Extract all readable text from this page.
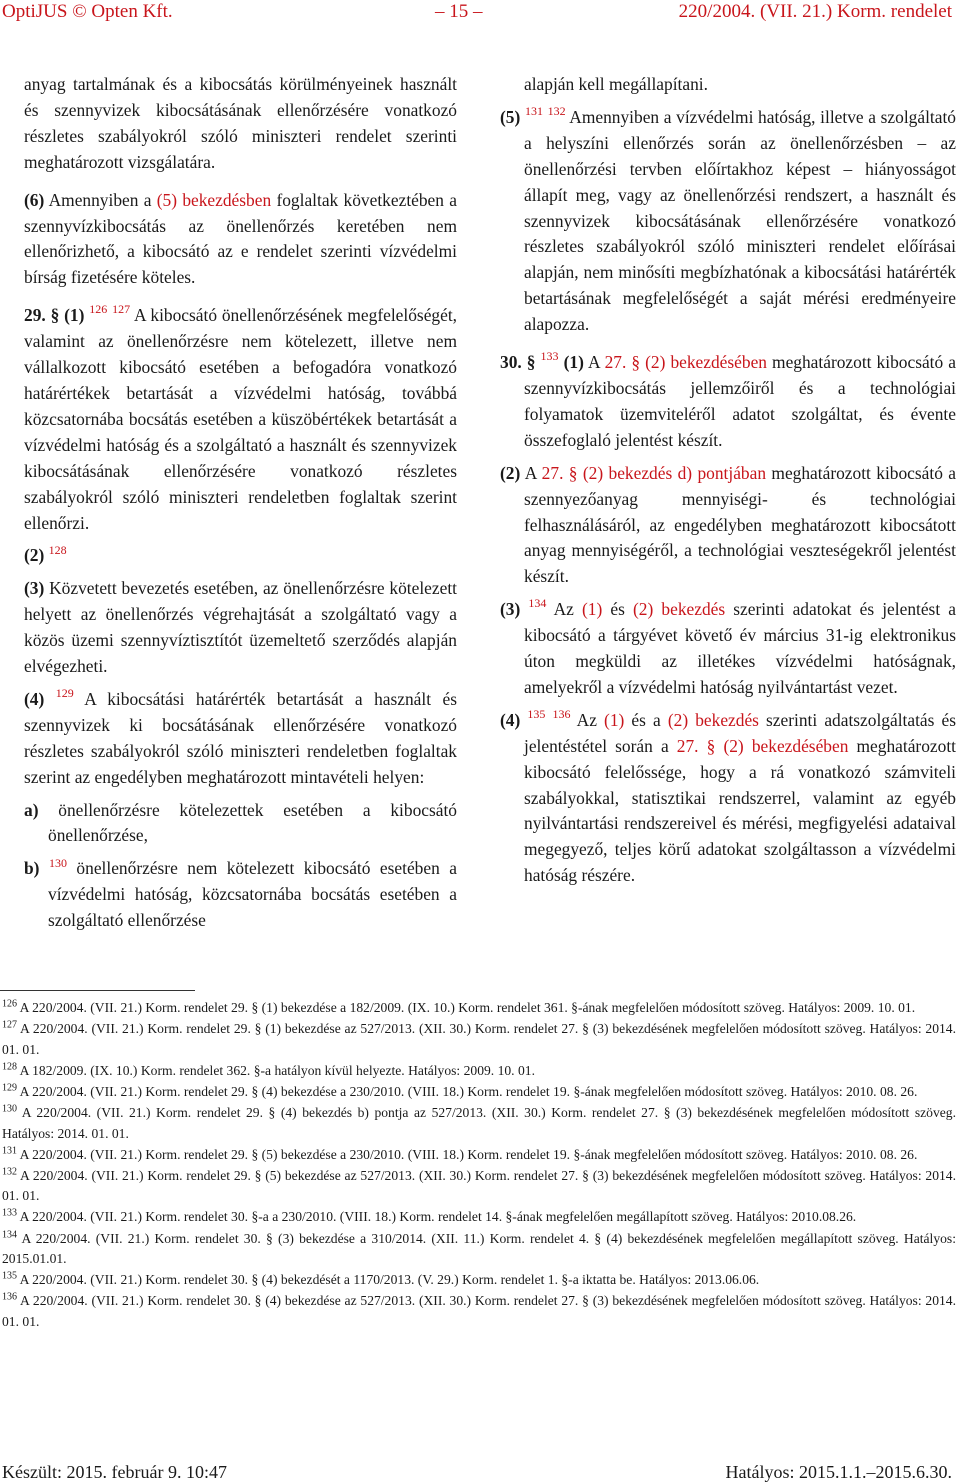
OptiJUS © Opten Kft.	– 15 –	220/2004. (VII. 21.) Korm. rendelet

anyag tartalmának és a kibocsátás körülményeinek használt és szennyvizek kibocsátásának ellenőrzésére vonatkozó részletes szabályokról szóló miniszteri rendelet szerinti meghatározott vizsgálatára.

(6) Amennyiben a (5) bekezdésben foglaltak következtében a szennyvízkibocsátás az önellenőrzés keretében nem ellenőrizhető, a kibocsátó az e rendelet szerinti vízvédelmi bírság fizetésére köteles.

29. § (1) $^{126}$ $^{127}$ A kibocsátó önellenőrzésének megfelelőségét, valamint az önellenőrzésre nem kötelezett, illetve nem vállalkozott kibocsátó esetében a befogadóra vonatkozó határértékek betartását a vízvédelmi hatóság, továbbá közcsatornába bocsátás esetében a küszöbértékek betartását a vízvédelmi hatóság és a szolgáltató a használt és szennyvizek kibocsátásának ellenőrzésére vonatkozó részletes szabályokról szóló miniszteri rendeletben foglaltak szerint ellenőrzi.

(2) $^{128}$

(3) Közvetett bevezetés esetében, az önellenőrzésre kötelezett helyett az önellenőrzés végrehajtását a szolgáltató vagy a közös üzemi szennyvíztisztítót üzemeltető szerződés alapján elvégezheti.

(4) $^{129}$ A kibocsátási határérték betartását a használt és szennyvizek ki bocsátásának ellenőrzésére vonatkozó részletes szabályokról szóló miniszteri rendeletben foglaltak szerint az engedélyben meghatározott mintavételi helyen:

a) önellenőrzésre kötelezettek esetében a kibocsátó önellenőrzése,

b) $^{130}$ önellenőrzésre nem kötelezett kibocsátó esetében a vízvédelmi hatóság, közcsatornába bocsátás esetében a szolgáltató ellenőrzése

alapján kell megállapítani.

(5) $^{131}$ $^{132}$ Amennyiben a vízvédelmi hatóság, illetve a szolgáltató a helyszíni ellenőrzés során az önellenőrzésben – az önellenőrzési tervben előírtakhoz képest – hiányosságot állapít meg, vagy az önellenőrzési rendszert, a használt és szennyvizek kibocsátásának ellenőrzésére vonatkozó részletes szabályokról szóló miniszteri rendelet előírásai alapján, nem minősíti megbízhatónak a kibocsátási határérték betartásának megfelelőségét a saját mérési eredményeire alapozza.

30. § $^{133}$ (1) A 27. § (2) bekezdésében meghatározott kibocsátó a szennyvízkibocsátás jellemzőiről és a technológiai folyamatok üzemviteléről adatot szolgáltat, és évente összefoglaló jelentést készít.

(2) A 27. § (2) bekezdés d) pontjában meghatározott kibocsátó a szennyezőanyag mennyiségi- és technológiai felhasználásáról, az engedélyben meghatározott kibocsátott anyag mennyiségéről, a technológiai veszteségekről jelentést készít.

(3) $^{134}$ Az (1) és (2) bekezdés szerinti adatokat és jelentést a kibocsátó a tárgyévet követő év március 31-ig elektronikus úton megküldi az illetékes vízvédelmi hatóságnak, amelyekről a vízvédelmi hatóság nyilvántartást vezet.

(4) $^{135}$ $^{136}$ Az (1) és a (2) bekezdés szerinti adatszolgáltatás és jelentéstétel során a 27. § (2) bekezdésében meghatározott kibocsátó felelőssége, hogy a rá vonatkozó számviteli szabályokkal, statisztikai rendszerrel, valamint az egyéb nyilvántartási rendszereivel és mérési, megfigyelési adataival megegyező, teljes körű adatokat szolgáltasson a vízvédelmi hatóság részére.

$^{126}$ A 220/2004. (VII. 21.) Korm. rendelet 29. § (1) bekezdése a 182/2009. (IX. 10.) Korm. rendelet 361. §-ának megfelelően módosított szöveg. Hatályos: 2009. 10. 01.

$^{127}$ A 220/2004. (VII. 21.) Korm. rendelet 29. § (1) bekezdése az 527/2013. (XII. 30.) Korm. rendelet 27. § (3) bekezdésének megfelelően módosított szöveg. Hatályos: 2014. 01. 01.

$^{128}$ A 182/2009. (IX. 10.) Korm. rendelet 362. §-a hatályon kívül helyezte. Hatályos: 2009. 10. 01.

$^{129}$ A 220/2004. (VII. 21.) Korm. rendelet 29. § (4) bekezdése a 230/2010. (VIII. 18.) Korm. rendelet 19. §-ának megfelelően módosított szöveg. Hatályos: 2010. 08. 26.

$^{130}$ A 220/2004. (VII. 21.) Korm. rendelet 29. § (4) bekezdés b) pontja az 527/2013. (XII. 30.) Korm. rendelet 27. § (3) bekezdésének megfelelően módosított szöveg. Hatályos: 2014. 01. 01.

$^{131}$ A 220/2004. (VII. 21.) Korm. rendelet 29. § (5) bekezdése a 230/2010. (VIII. 18.) Korm. rendelet 19. §-ának megfelelően módosított szöveg. Hatályos: 2010. 08. 26.

$^{132}$ A 220/2004. (VII. 21.) Korm. rendelet 29. § (5) bekezdése az 527/2013. (XII. 30.) Korm. rendelet 27. § (3) bekezdésének megfelelően módosított szöveg. Hatályos: 2014. 01. 01.

$^{133}$ A 220/2004. (VII. 21.) Korm. rendelet 30. §-a a 230/2010. (VIII. 18.) Korm. rendelet 14. §-ának megfelelően megállapított szöveg. Hatályos: 2010.08.26.

$^{134}$ A 220/2004. (VII. 21.) Korm. rendelet 30. § (3) bekezdése a 310/2014. (XII. 11.) Korm. rendelet 4. § (4) bekezdésének megfelelően megállapított szöveg. Hatályos: 2015.01.01.

$^{135}$ A 220/2004. (VII. 21.) Korm. rendelet 30. § (4) bekezdését a 1170/2013. (V. 29.) Korm. rendelet 1. §-a iktatta be. Hatályos: 2013.06.06.

$^{136}$ A 220/2004. (VII. 21.) Korm. rendelet 30. § (4) bekezdése az 527/2013. (XII. 30.) Korm. rendelet 27. § (3) bekezdésének megfelelően módosított szöveg. Hatályos: 2014. 01. 01.

Készült: 2015. február 9. 10:47	Hatályos: 2015.1.1.–2015.6.30.
